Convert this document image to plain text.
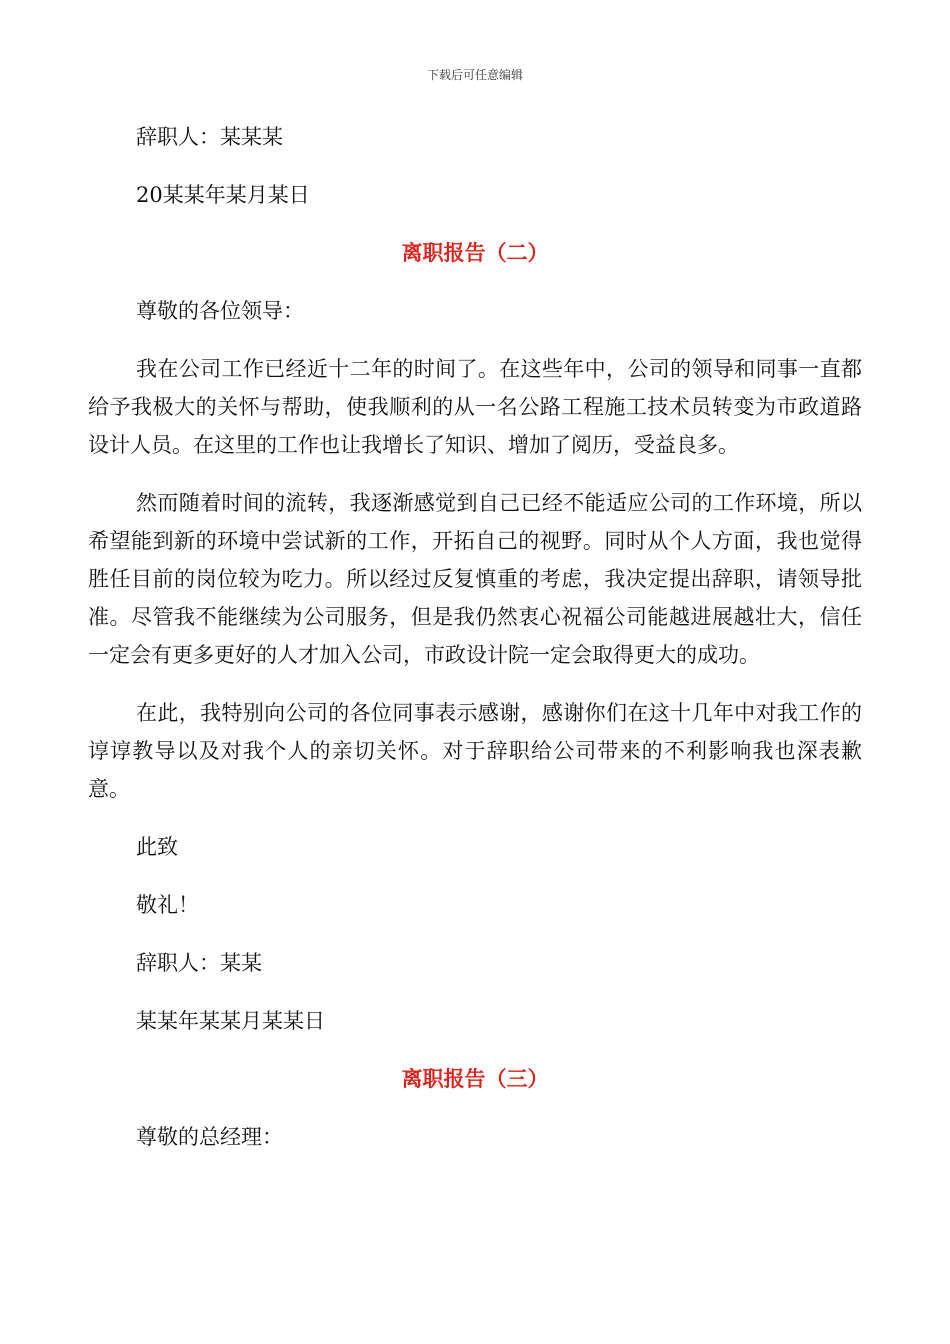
下载后可任意编辑

辞职人：某某某

20某某年某月某日

离职报告（二）

尊敬的各位领导：

我在公司工作已经近十二年的时间了。在这些年中，公司的领导和同事一直都给予我极大的关怀与帮助，使我顺利的从一名公路工程施工技术员转变为市政道路设计人员。在这里的工作也让我增长了知识、增加了阅历，受益良多。

然而随着时间的流转，我逐渐感觉到自己已经不能适应公司的工作环境，所以希望能到新的环境中尝试新的工作，开拓自己的视野。同时从个人方面，我也觉得胜任目前的岗位较为吃力。所以经过反复慎重的考虑，我决定提出辞职，请领导批准。尽管我不能继续为公司服务，但是我仍然衷心祝福公司能越进展越壮大，信任一定会有更多更好的人才加入公司，市政设计院一定会取得更大的成功。

在此，我特别向公司的各位同事表示感谢，感谢你们在这十几年中对我工作的谆谆教导以及对我个人的亲切关怀。对于辞职给公司带来的不利影响我也深表歉意。

此致

敬礼！

辞职人：某某

某某年某某月某某日

离职报告（三）

尊敬的总经理：
